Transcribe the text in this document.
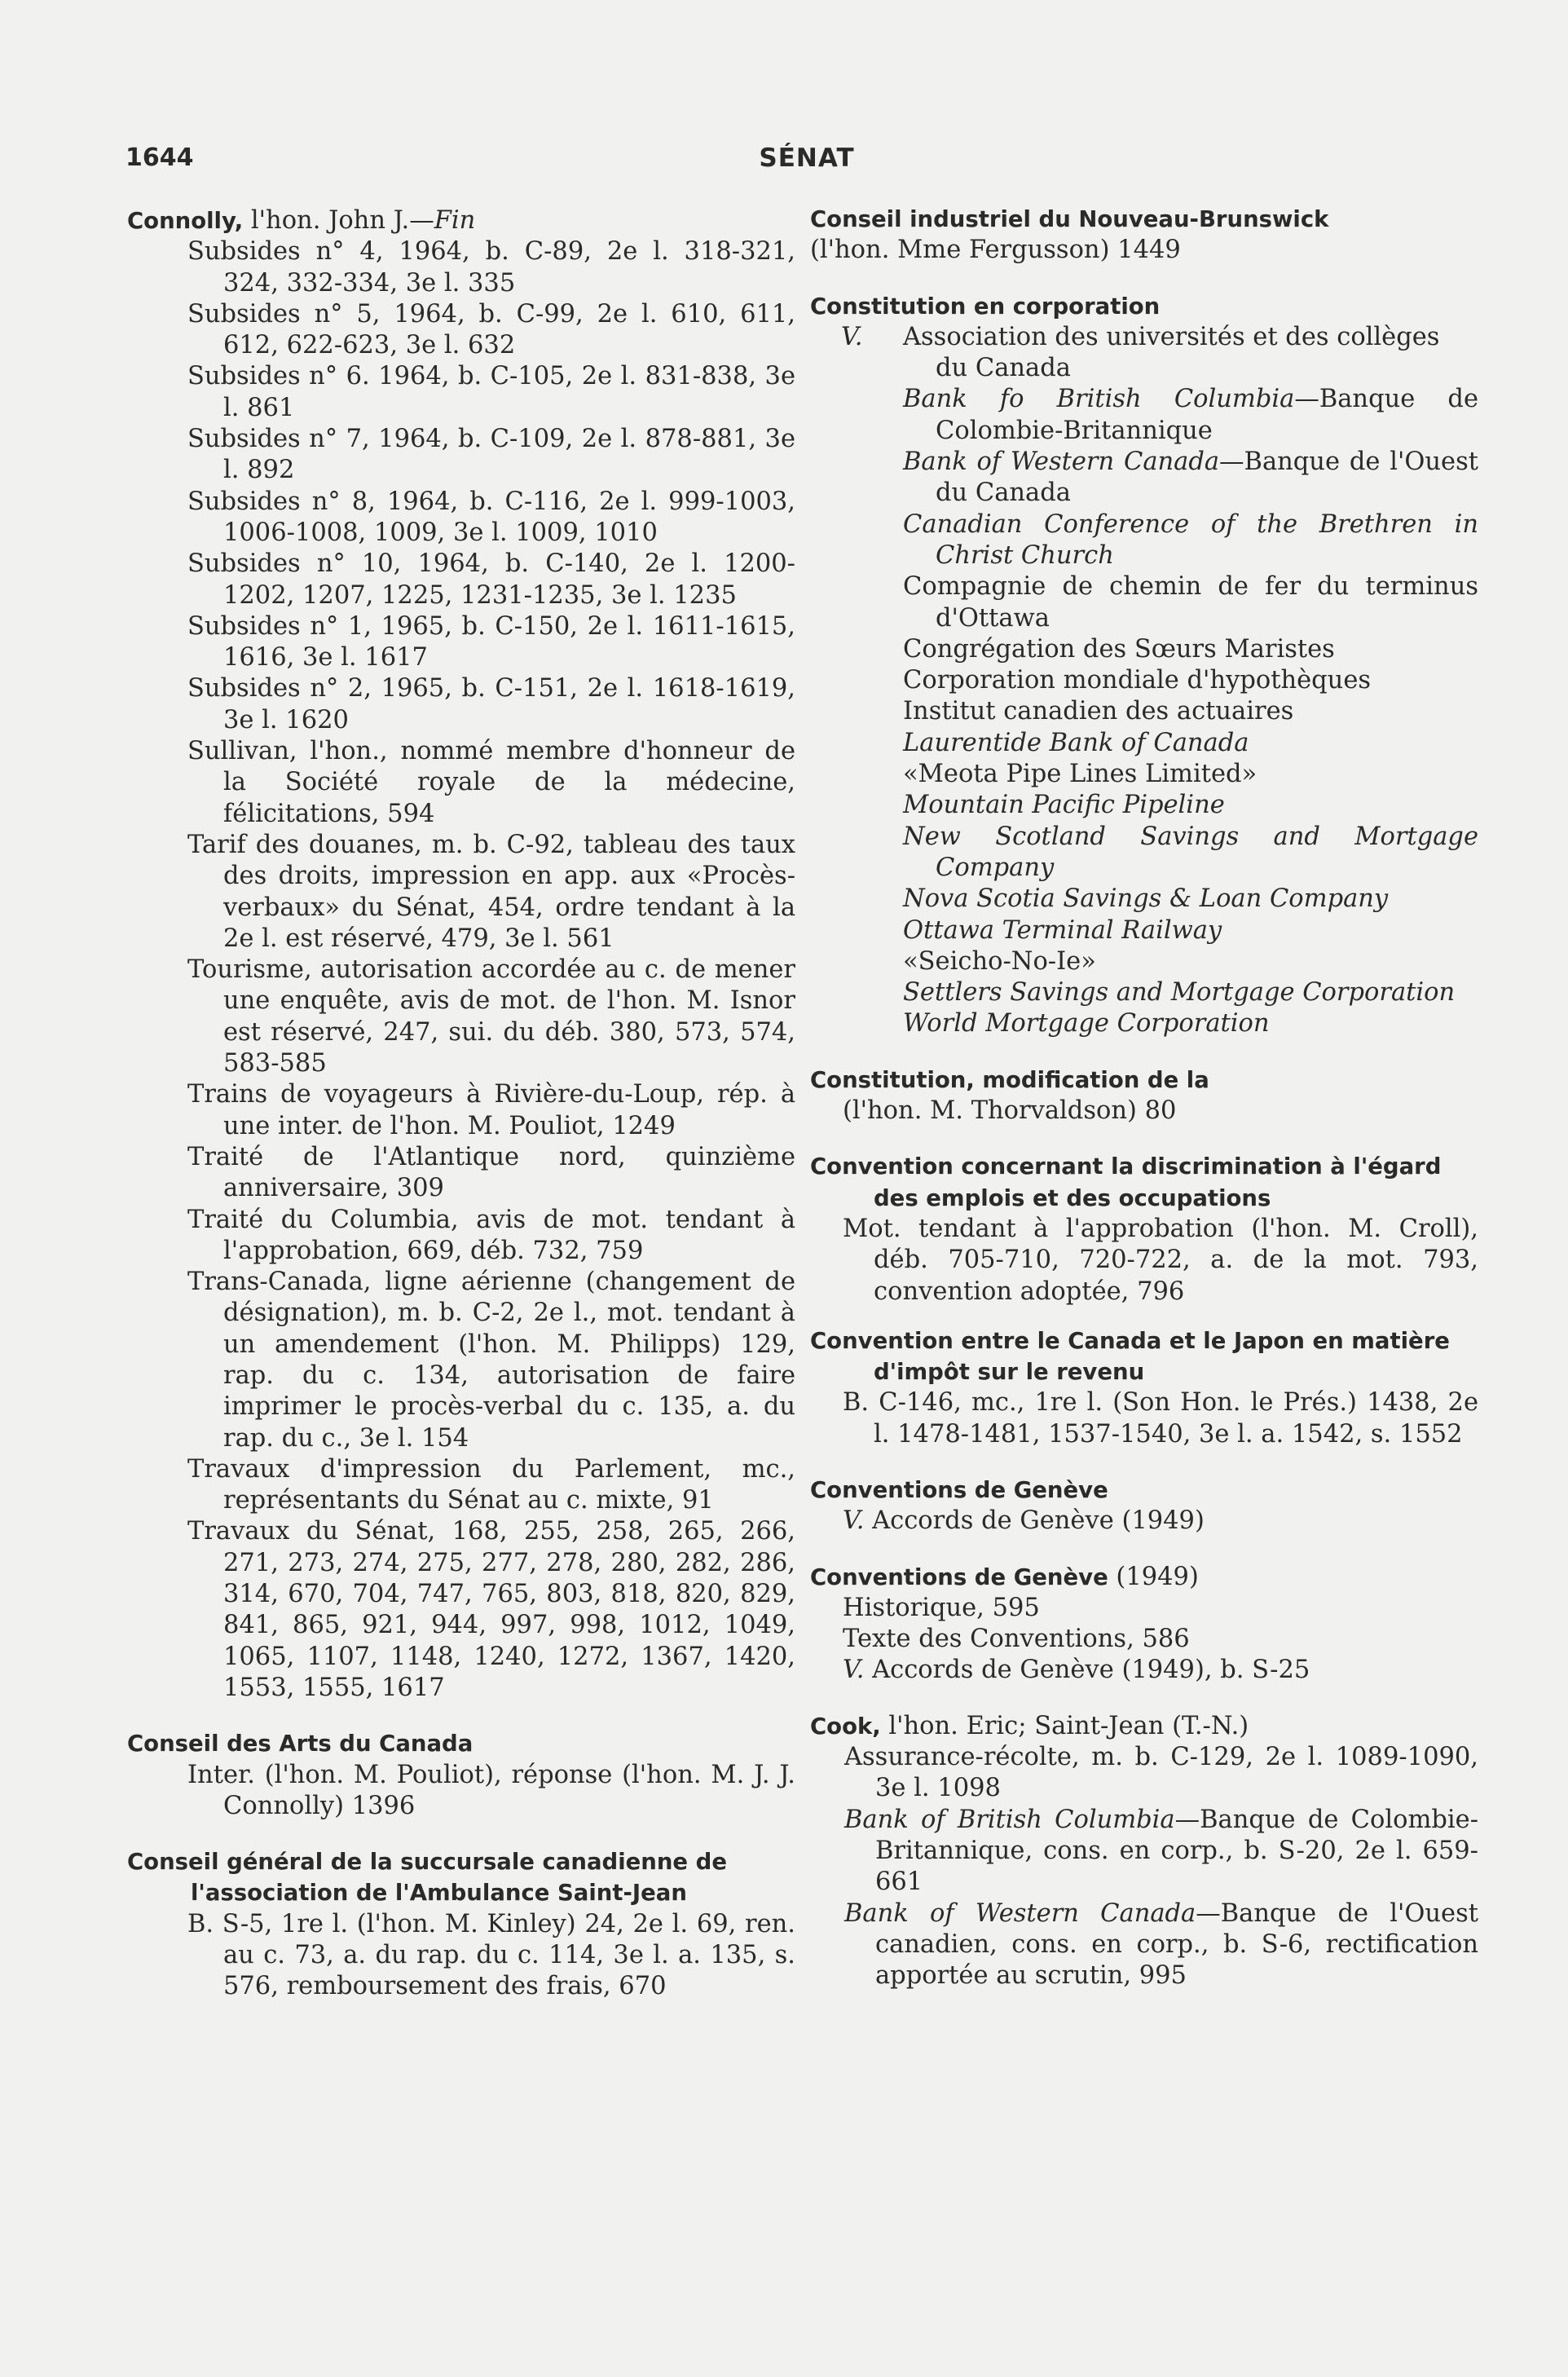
1644	SÉNAT
Connolly, l'hon. John J.—Fin
Subsides n° 4, 1964, b. C-89, 2e l. 318-321, 324, 332-334, 3e l. 335
Subsides n° 5, 1964, b. C-99, 2e l. 610, 611, 612, 622-623, 3e l. 632
Subsides n° 6. 1964, b. C-105, 2e l. 831-838, 3e l. 861
Subsides n° 7, 1964, b. C-109, 2e l. 878-881, 3e l. 892
Subsides n° 8, 1964, b. C-116, 2e l. 999-1003, 1006-1008, 1009, 3e l. 1009, 1010
Subsides n° 10, 1964, b. C-140, 2e l. 1200-1202, 1207, 1225, 1231-1235, 3e l. 1235
Subsides n° 1, 1965, b. C-150, 2e l. 1611-1615, 1616, 3e l. 1617
Subsides n° 2, 1965, b. C-151, 2e l. 1618-1619, 3e l. 1620
Sullivan, l'hon., nommé membre d'honneur de la Société royale de la médecine, félicitations, 594
Tarif des douanes, m. b. C-92, tableau des taux des droits, impression en app. aux «Procès-verbaux» du Sénat, 454, ordre tendant à la 2e l. est réservé, 479, 3e l. 561
Tourisme, autorisation accordée au c. de mener une enquête, avis de mot. de l'hon. M. Isnor est réservé, 247, sui. du déb. 380, 573, 574, 583-585
Trains de voyageurs à Rivière-du-Loup, rép. à une inter. de l'hon. M. Pouliot, 1249
Traité de l'Atlantique nord, quinzième anniversaire, 309
Traité du Columbia, avis de mot. tendant à l'approbation, 669, déb. 732, 759
Trans-Canada, ligne aérienne (changement de désignation), m. b. C-2, 2e l., mot. tendant à un amendement (l'hon. M. Philipps) 129, rap. du c. 134, autorisation de faire imprimer le procès-verbal du c. 135, a. du rap. du c., 3e l. 154
Travaux d'impression du Parlement, mc., représentants du Sénat au c. mixte, 91
Travaux du Sénat, 168, 255, 258, 265, 266, 271, 273, 274, 275, 277, 278, 280, 282, 286, 314, 670, 704, 747, 765, 803, 818, 820, 829, 841, 865, 921, 944, 997, 998, 1012, 1049, 1065, 1107, 1148, 1240, 1272, 1367, 1420, 1553, 1555, 1617
Conseil des Arts du Canada
Inter. (l'hon. M. Pouliot), réponse (l'hon. M. J. J. Connolly) 1396
Conseil général de la succursale canadienne de l'association de l'Ambulance Saint-Jean
B. S-5, 1re l. (l'hon. M. Kinley) 24, 2e l. 69, ren. au c. 73, a. du rap. du c. 114, 3e l. a. 135, s. 576, remboursement des frais, 670
Conseil industriel du Nouveau-Brunswick
(l'hon. Mme Fergusson) 1449
Constitution en corporation
V.	Association des universités et des collèges du Canada
Bank fo British Columbia—Banque de Colombie-Britannique
Bank of Western Canada—Banque de l'Ouest du Canada
Canadian Conference of the Brethren in Christ Church
Compagnie de chemin de fer du terminus d'Ottawa
Congrégation des Sœurs Maristes
Corporation mondiale d'hypothèques
Institut canadien des actuaires
Laurentide Bank of Canada
«Meota Pipe Lines Limited»
Mountain Pacific Pipeline
New Scotland Savings and Mortgage Company
Nova Scotia Savings & Loan Company
Ottawa Terminal Railway
«Seicho-No-Ie»
Settlers Savings and Mortgage Corporation
World Mortgage Corporation
Constitution, modification de la
(l'hon. M. Thorvaldson) 80
Convention concernant la discrimination à l'égard des emplois et des occupations
Mot. tendant à l'approbation (l'hon. M. Croll), déb. 705-710, 720-722, a. de la mot. 793, convention adoptée, 796
Convention entre le Canada et le Japon en matière d'impôt sur le revenu
B. C-146, mc., 1re l. (Son Hon. le Prés.) 1438, 2e l. 1478-1481, 1537-1540, 3e l. a. 1542, s. 1552
Conventions de Genève
V. Accords de Genève (1949)
Conventions de Genève (1949)
Historique, 595
Texte des Conventions, 586
V. Accords de Genève (1949), b. S-25
Cook, l'hon. Eric; Saint-Jean (T.-N.)
Assurance-récolte, m. b. C-129, 2e l. 1089-1090, 3e l. 1098
Bank of British Columbia—Banque de Colombie-Britannique, cons. en corp., b. S-20, 2e l. 659-661
Bank of Western Canada—Banque de l'Ouest canadien, cons. en corp., b. S-6, rectification apportée au scrutin, 995
